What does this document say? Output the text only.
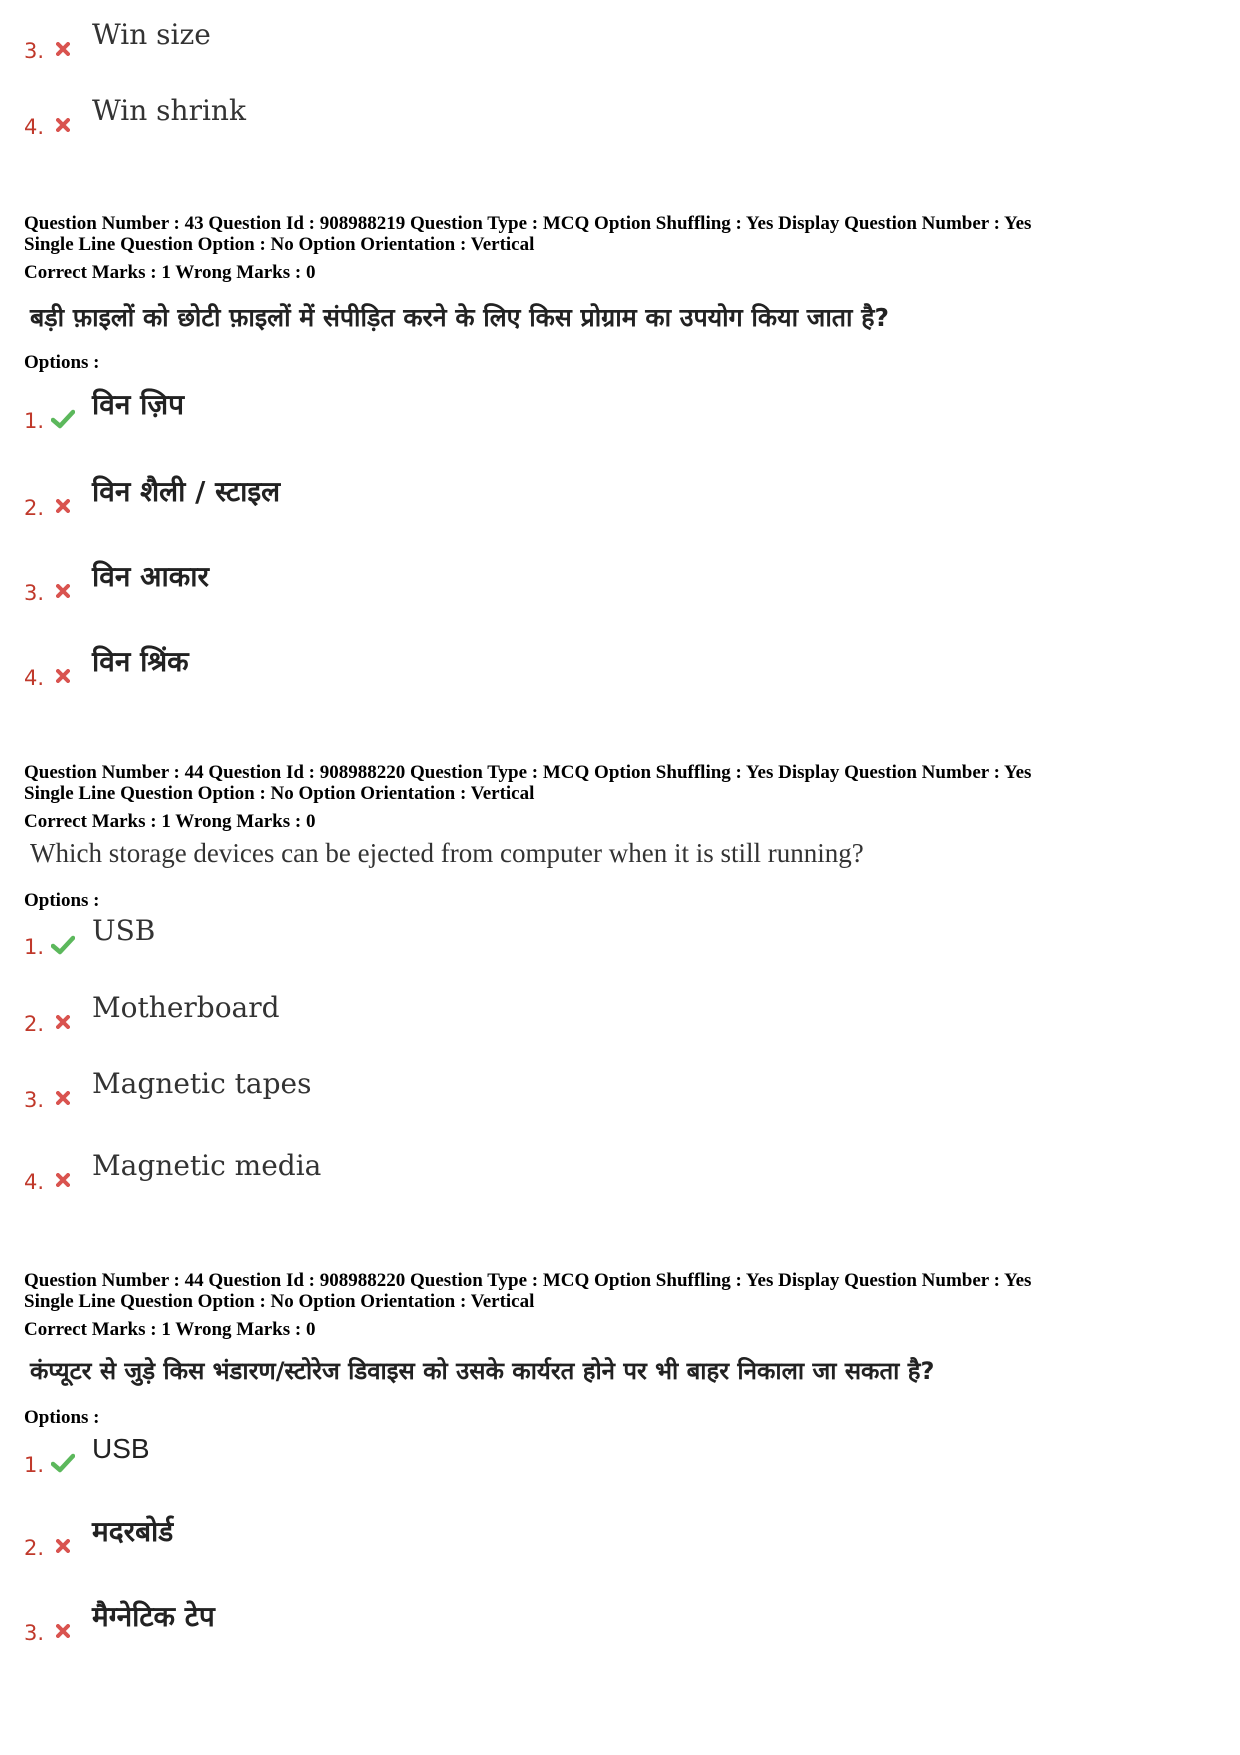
3. Win size
4. Win shrink
Question Number : 43 Question Id : 908988219 Question Type : MCQ Option Shuffling : Yes Display Question Number : Yes
Single Line Question Option : No Option Orientation : Vertical
Correct Marks : 1 Wrong Marks : 0
बड़ी फ़ाइलों को छोटी फ़ाइलों में संपीड़ित करने के लिए किस प्रोग्राम का उपयोग किया जाता है?
Options :
1. विन ज़िप
2. विन शैली / स्टाइल
3. विन आकार
4. विन श्रिंक
Question Number : 44 Question Id : 908988220 Question Type : MCQ Option Shuffling : Yes Display Question Number : Yes
Single Line Question Option : No Option Orientation : Vertical
Correct Marks : 1 Wrong Marks : 0
Which storage devices can be ejected from computer when it is still running?
Options :
1. USB
2. Motherboard
3. Magnetic tapes
4. Magnetic media
Question Number : 44 Question Id : 908988220 Question Type : MCQ Option Shuffling : Yes Display Question Number : Yes
Single Line Question Option : No Option Orientation : Vertical
Correct Marks : 1 Wrong Marks : 0
कंप्यूटर से जुड़े किस भंडारण/स्टोरेज डिवाइस को उसके कार्यरत होने पर भी बाहर निकाला जा सकता है?
Options :
1.
USB
2. मदरबोर्ड
3. मैग्नेटिक टेप
